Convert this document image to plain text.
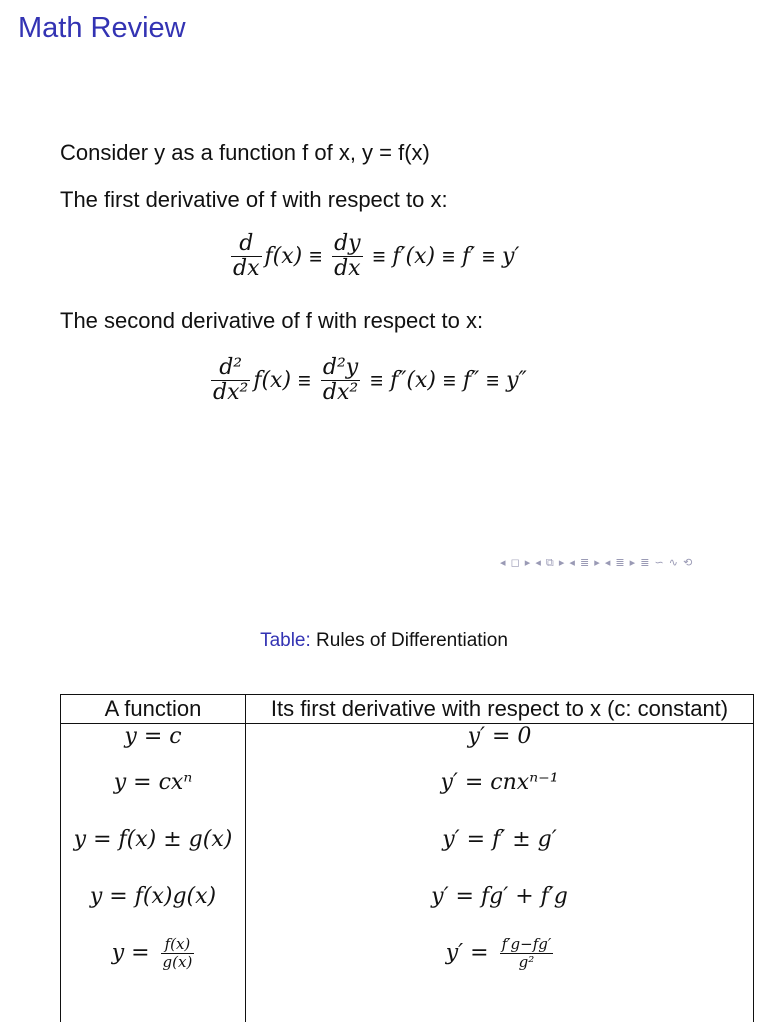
Math Review
Consider y as a function f of x, y = f(x)
The first derivative of f with respect to x:
$\frac{d}{dx} f(x) \equiv \frac{dy}{dx} \equiv f'(x) \equiv f' \equiv y'$
The second derivative of f with respect to x:
$\frac{\text{d²}}{\text{dx²}} f(x) \equiv \frac{\text{d²y}}{\text{dx²}} \equiv f''(x) \equiv f'' \equiv y''$
◂ ◻ ▸ ◂ ⧉ ▸ ◂ ≣ ▸ ◂ ≣ ▸ ≣ ∽ ∿ ⟲
Table: Rules of Differentiation
A function	Its first derivative with respect to x (c: constant)
y = c	y′ = 0
y = cxⁿ	y′ = cnxⁿ⁻¹
y = f(x) ± g(x)	y′ = f′ ± g′
y = f(x)g(x)	y′ = fg′ + f′g
$y = \frac{f(x)}{g(x)}$	$y' = \frac{f'g-fg'}{\text{g²}}$
